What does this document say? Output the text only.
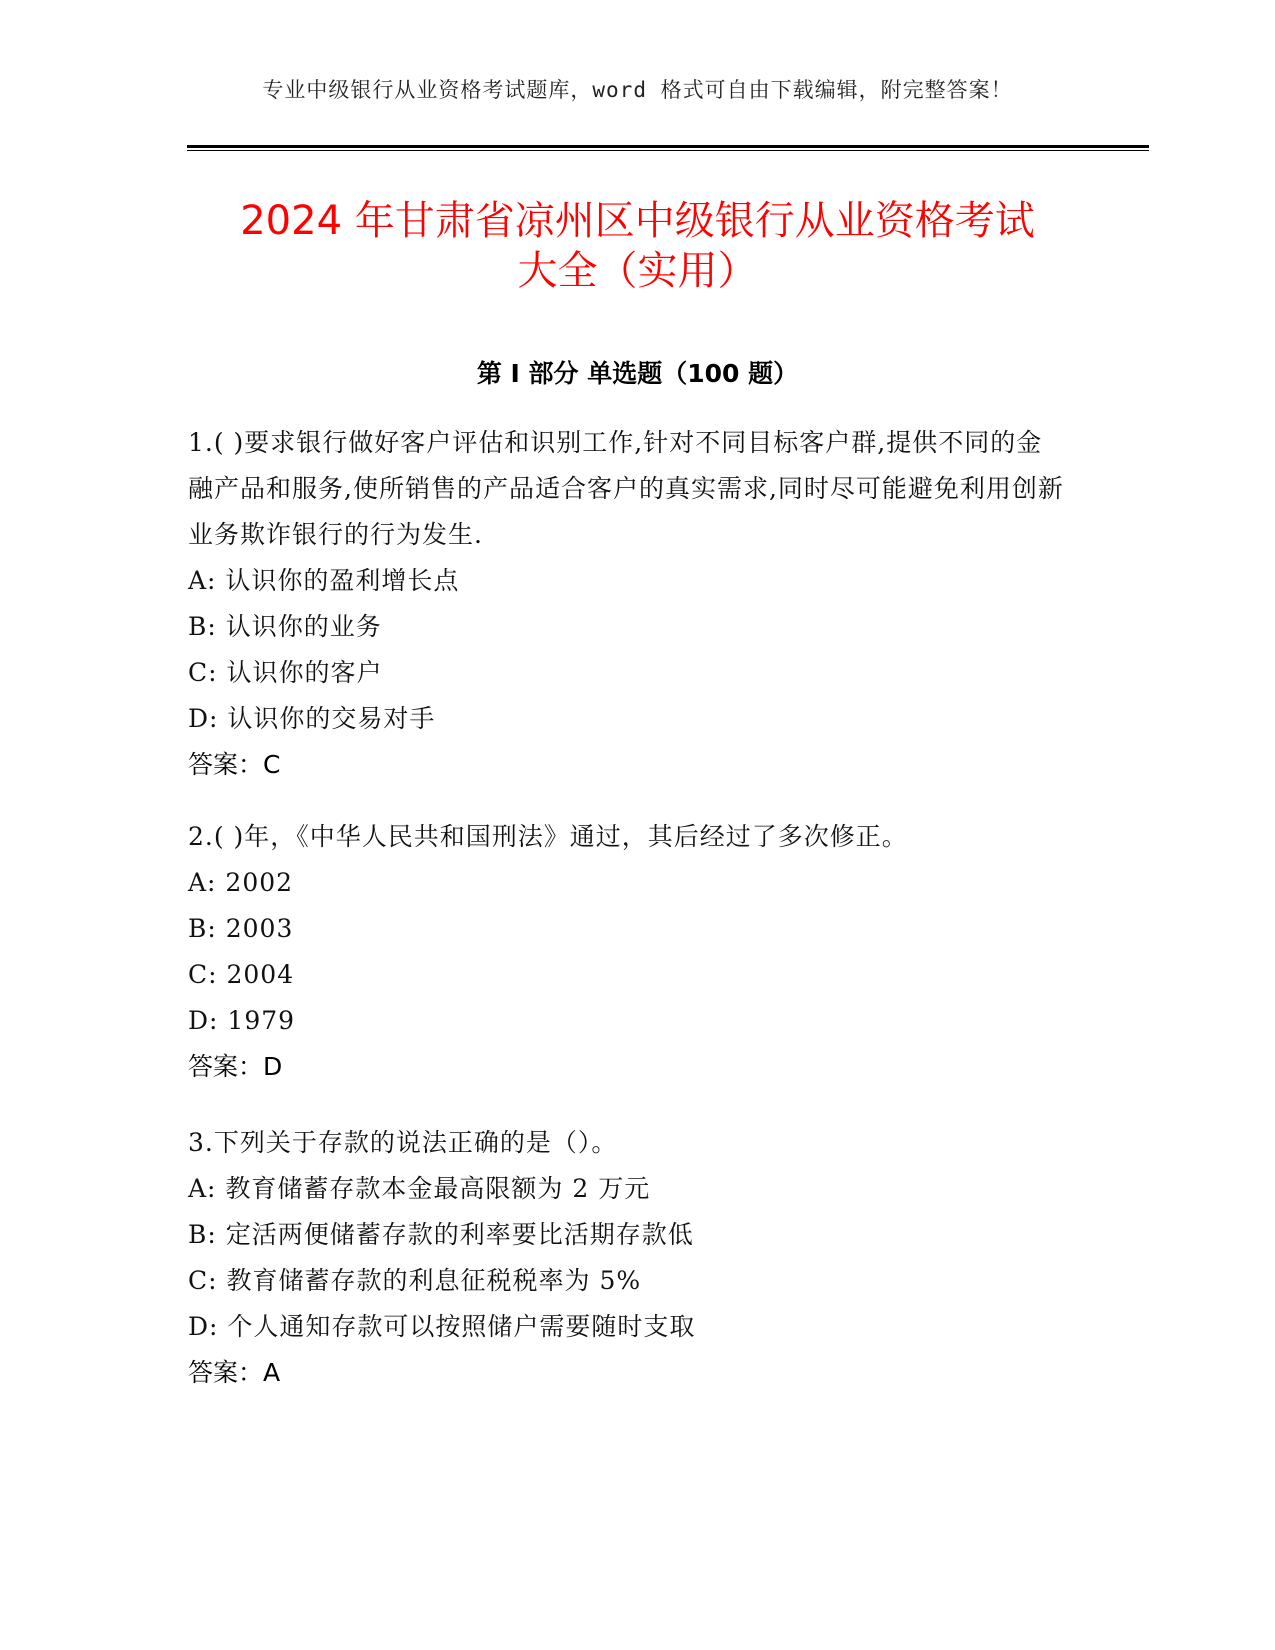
专业中级银行从业资格考试题库，word 格式可自由下载编辑，附完整答案！
2024 年甘肃省凉州区中级银行从业资格考试
大全（实用）
第 I 部分 单选题（100 题）

1.( )要求银行做好客户评估和识别工作,针对不同目标客户群,提供不同的金融产品和服务,使所销售的产品适合客户的真实需求,同时尽可能避免利用创新业务欺诈银行的行为发生.

A: 认识你的盈利增长点

B: 认识你的业务

C: 认识你的客户

D: 认识你的交易对手

答案：C

2.( )年，《中华人民共和国刑法》通过，其后经过了多次修正。

A: 2002

B: 2003

C: 2004

D: 1979

答案：D

3.下列关于存款的说法正确的是（）。

A: 教育储蓄存款本金最高限额为 2 万元

B: 定活两便储蓄存款的利率要比活期存款低

C: 教育储蓄存款的利息征税税率为 5%

D: 个人通知存款可以按照储户需要随时支取

答案：A
